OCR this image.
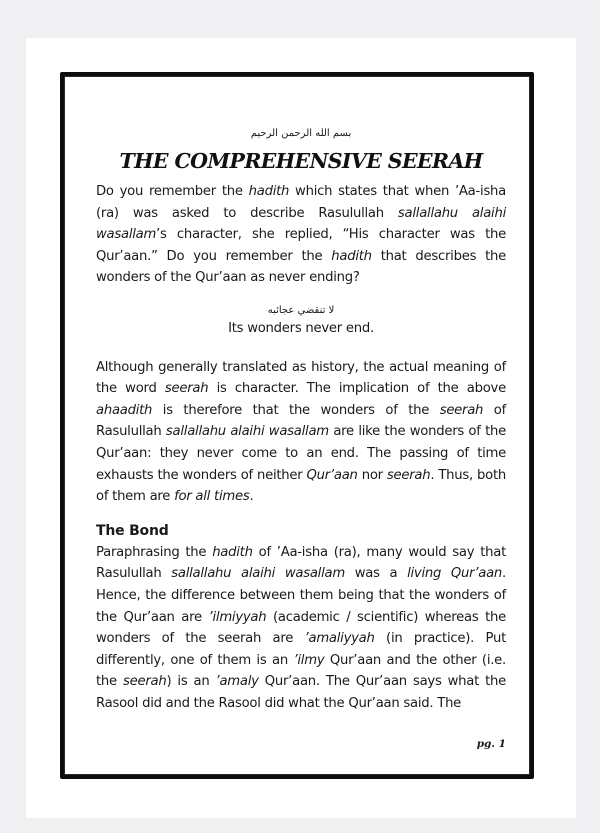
بسم الله الرحمن الرحيم
THE COMPREHENSIVE SEERAH

Do you remember the hadith which states that when ’Aa-isha (ra) was asked to describe Rasulullah sallallahu alaihi wasallam’s character, she replied, “His character was the Qur’aan.” Do you remember the hadith that describes the wonders of the Qur’aan as never ending?

لا تنقضي عجائبه
Its wonders never end.

Although generally translated as history, the actual meaning of the word seerah is character. The implication of the above ahaadith is therefore that the wonders of the seerah of Rasulullah sallallahu alaihi wasallam are like the wonders of the Qur’aan: they never come to an end. The passing of time exhausts the wonders of neither Qur’aan nor seerah. Thus, both of them are for all times.

The Bond

Paraphrasing the hadith of ’Aa-isha (ra), many would say that Rasulullah sallallahu alaihi wasallam was a living Qur’aan. Hence, the difference between them being that the wonders of the Qur’aan are ’ilmiyyah (academic / scientific) whereas the wonders of the seerah are ’amaliyyah (in practice). Put differently, one of them is an ’ilmy Qur’aan and the other (i.e. the seerah) is an ’amaly Qur’aan. The Qur’aan says what the Rasool did and the Rasool did what the Qur’aan said. The

pg. 1
